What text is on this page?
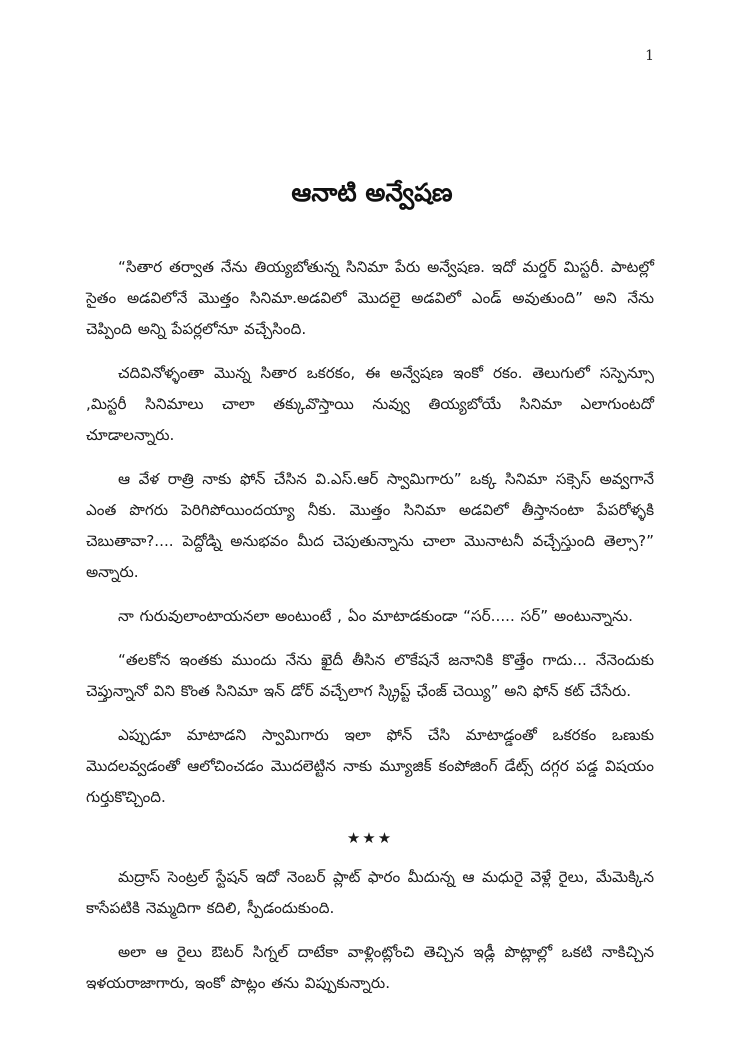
1
ఆనాటి అన్వేషణ

“సితార తర్వాత నేను తియ్యబోతున్న సినిమా పేరు అన్వేషణ. ఇదో మర్డర్ మిస్టరీ. పాటల్లో సైతం అడవిలోనే మొత్తం సినిమా.అడవిలో మొదలై అడవిలో ఎండ్ అవుతుంది” అని నేను చెప్పింది అన్ని పేపర్లలోనూ వచ్చేసింది.

చదివినోళ్ళంతా మొన్న సితార ఒకరకం, ఈ అన్వేషణ ఇంకో రకం. తెలుగులో సస్పెన్సూ ,మిస్టరీ సినిమాలు చాలా తక్కువొస్తాయి నువ్వు తియ్యబోయే సినిమా ఎలాగుంటదో చూడాలన్నారు.

ఆ వేళ రాత్రి నాకు ఫోన్ చేసిన వి.ఎస్.ఆర్ స్వామిగారు” ఒక్క సినిమా సక్సెస్ అవ్వగానే ఎంత పొగరు పెరిగిపోయిందయ్యా నీకు. మొత్తం సినిమా అడవిలో తీస్తానంటా పేపరోళ్ళకి చెబుతావా?.... పెద్దోడ్ని అనుభవం మీద చెపుతున్నాను చాలా మొనాటనీ వచ్చేస్తుంది తెల్సా?” అన్నారు.

నా గురువులాంటాయనలా అంటుంటే , ఏం మాటాడకుండా “సర్..... సర్” అంటున్నాను.

“తలకోన ఇంతకు ముందు నేను ఖైదీ తీసిన లొకేషనే జనానికి కొత్తేం గాదు... నేనెందుకు చెప్తున్నానో విని కొంత సినిమా ఇన్ డోర్ వచ్చేలాగ స్క్రిప్ట్ ఛేంజ్ చెయ్యి” అని ఫోన్ కట్ చేసేరు.

ఎప్పుడూ మాటాడని స్వామిగారు ఇలా ఫోన్ చేసి మాటాడ్డంతో ఒకరకం ఒణుకు మొదలవ్వడంతో ఆలోచించడం మొదలెట్టిన నాకు మ్యూజిక్ కంపోజింగ్ డేట్స్ దగ్గర పడ్డ విషయం గుర్తుకొచ్చింది.

★★★

మద్రాస్ సెంట్రల్ స్టేషన్ ఇదో నెంబర్ ప్లాట్ ఫారం మీదున్న ఆ మధురై వెళ్లే రైలు, మేమెక్కిన కాసేపటికి నెమ్మదిగా కదిలి, స్పీడందుకుంది.

అలా ఆ రైలు ఔటర్ సిగ్నల్ దాటేకా వాళ్లింట్లోంచి తెచ్చిన ఇడ్లీ పొట్లాల్లో ఒకటి నాకిచ్చిన ఇళయరాజాగారు, ఇంకో పొట్లం తను విప్పుకున్నారు.
